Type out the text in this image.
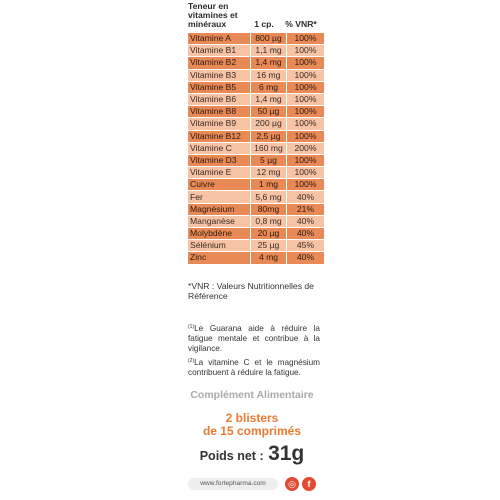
Teneur en vitamines et minéraux	1 cp.	% VNR*
Vitamine A	800 µg	100%
Vitamine B1	1,1 mg	100%
Vitamine B2	1,4 mg	100%
Vitamine B3	16 mg	100%
Vitamine B5	6 mg	100%
Vitamine B6	1,4 mg	100%
Vitamine B8	50 µg	100%
Vitamine B9	200 µg	100%
Vitamine B12	2,5 µg	100%
Vitamine C	160 mg	200%
Vitamine D3	5 µg	100%
Vitamine E	12 mg	100%
Cuivre	1 mg	100%
Fer	5,6 mg	40%
Magnésium	80mg	21%
Manganèse	0,8 mg	40%
Molybdène	20 µg	40%
Sélénium	25 µg	45%
Zinc	4 mg	40%
*VNR : Valeurs Nutritionnelles de Référence

$^{(1)}$Le Guarana aide à réduire la fatigue mentale et contribue à la vigilance.

$^{(2)}$La vitamine C et le magnésium contribuent à réduire la fatigue.

Complément Alimentaire
2 blisters
de 15 comprimés
Poids net : 31g
www.fortepharma.com	◎	f
